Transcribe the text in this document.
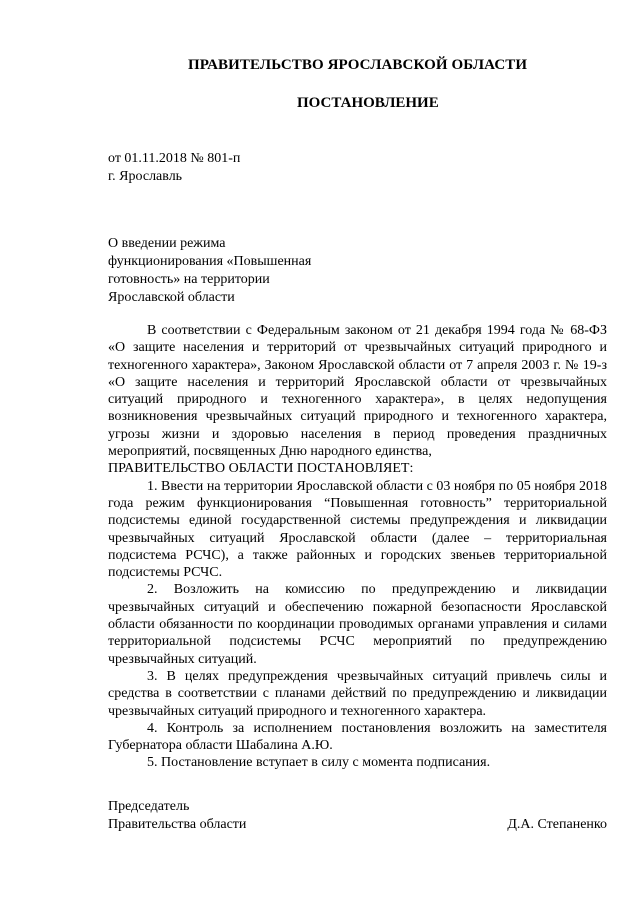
ПРАВИТЕЛЬСТВО ЯРОСЛАВСКОЙ ОБЛАСТИ
ПОСТАНОВЛЕНИЕ
от 01.11.2018 № 801-п
г. Ярославль
О введении режима
функционирования «Повышенная
готовность» на территории
Ярославской области

В соответствии с Федеральным законом от 21 декабря 1994 года № 68-ФЗ «О защите населения и территорий от чрезвычайных ситуаций природного и техногенного характера», Законом Ярославской области от 7 апреля 2003 г. № 19-з «О защите населения и территорий Ярославской области от чрезвычайных ситуаций природного и техногенного характера», в целях недопущения возникновения чрезвычайных ситуаций природного и техногенного характера, угрозы жизни и здоровью населения в период проведения праздничных мероприятий, посвященных Дню народного единства,

ПРАВИТЕЛЬСТВО ОБЛАСТИ ПОСТАНОВЛЯЕТ:

1. Ввести на территории Ярославской области с 03 ноября по 05 ноября 2018 года режим функционирования “Повышенная готовность” территориальной подсистемы единой государственной системы предупреждения и ликвидации чрезвычайных ситуаций Ярославской области (далее – территориальная подсистема РСЧС), а также районных и городских звеньев территориальной подсистемы РСЧС.

2. Возложить на комиссию по предупреждению и ликвидации чрезвычайных ситуаций и обеспечению пожарной безопасности Ярославской области обязанности по координации проводимых органами управления и силами территориальной подсистемы РСЧС мероприятий по предупреждению чрезвычайных ситуаций.

3. В целях предупреждения чрезвычайных ситуаций привлечь силы и средства в соответствии с планами действий по предупреждению и ликвидации чрезвычайных ситуаций природного и техногенного характера.

4. Контроль за исполнением постановления возложить на заместителя Губернатора области Шабалина А.Ю.

5. Постановление вступает в силу с момента подписания.

Председатель
Правительства области	Д.А. Степаненко
